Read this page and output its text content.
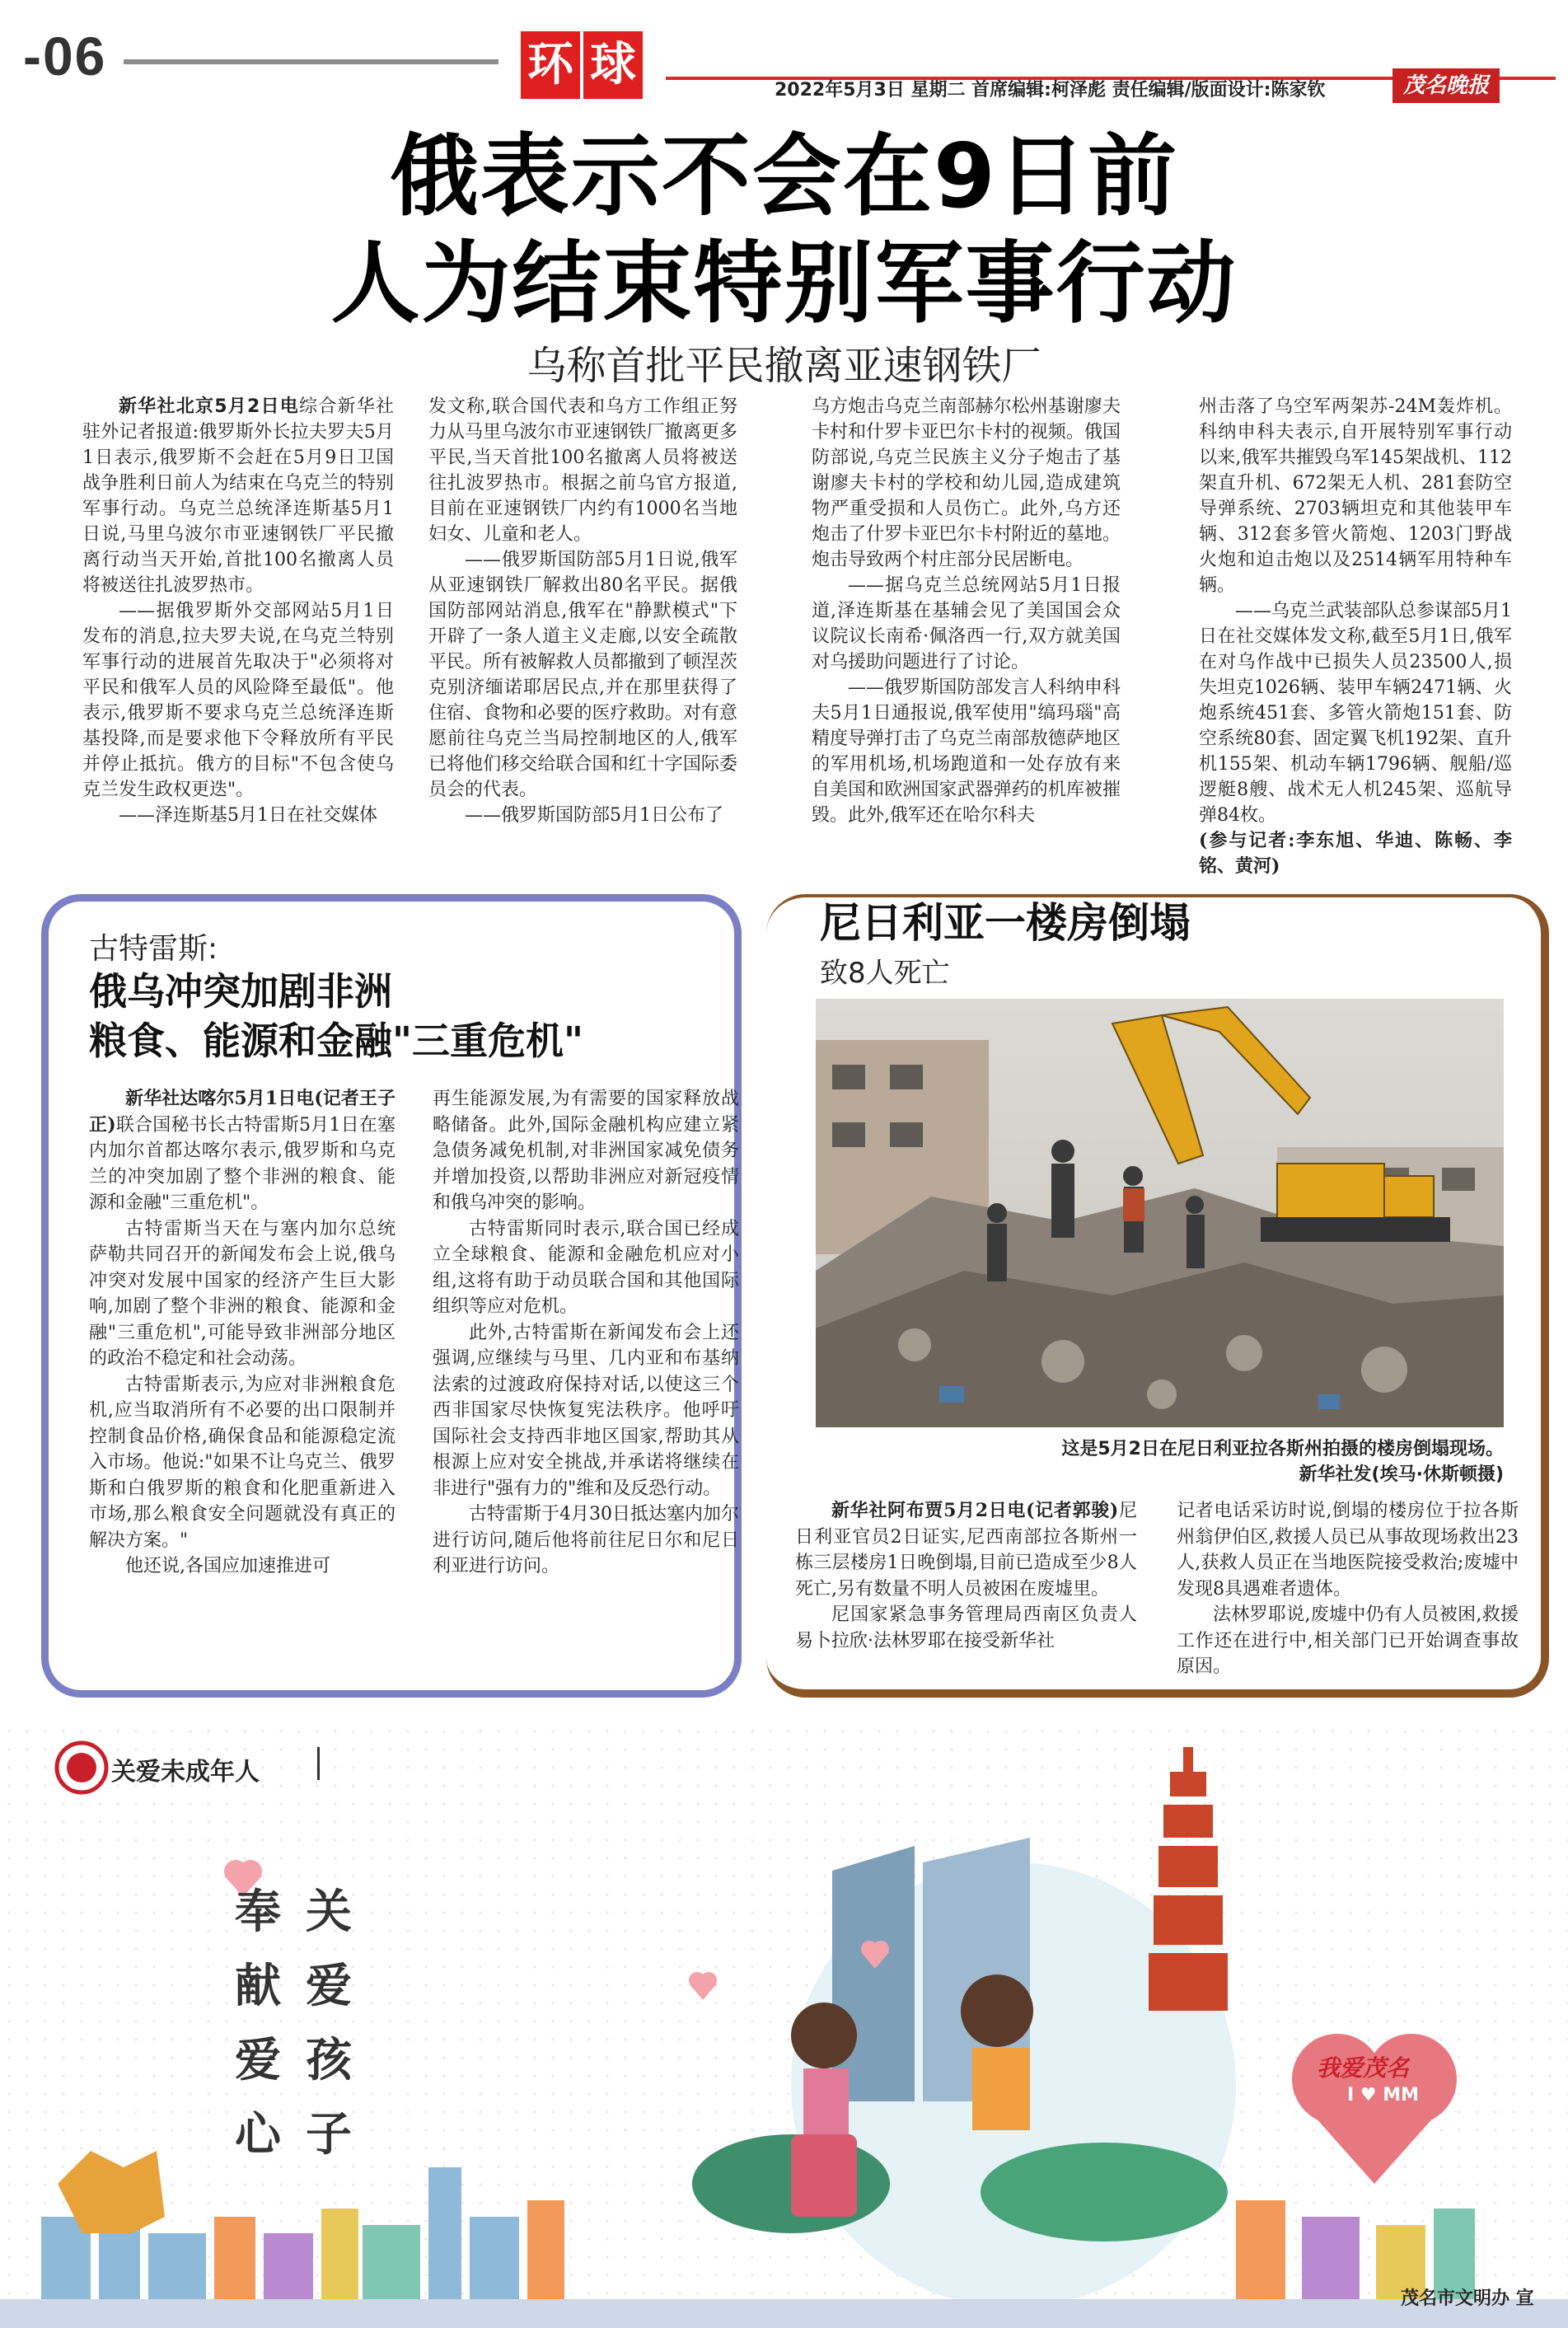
-06	环 球	2022年5月3日 星期二 首席编辑:柯泽彪 责任编辑/版面设计:陈家钦	茂名晚报
俄表示不会在9日前
人为结束特别军事行动
乌称首批平民撤离亚速钢铁厂

新华社北京5月2日电综合新华社驻外记者报道:俄罗斯外长拉夫罗夫5月1日表示,俄罗斯不会赶在5月9日卫国战争胜利日前人为结束在乌克兰的特别军事行动。乌克兰总统泽连斯基5月1日说,马里乌波尔市亚速钢铁厂平民撤离行动当天开始,首批100名撤离人员将被送往扎波罗热市。

——据俄罗斯外交部网站5月1日发布的消息,拉夫罗夫说,在乌克兰特别军事行动的进展首先取决于"必须将对平民和俄军人员的风险降至最低"。他表示,俄罗斯不要求乌克兰总统泽连斯基投降,而是要求他下令释放所有平民并停止抵抗。俄方的目标"不包含使乌克兰发生政权更迭"。

——泽连斯基5月1日在社交媒体

发文称,联合国代表和乌方工作组正努力从马里乌波尔市亚速钢铁厂撤离更多平民,当天首批100名撤离人员将被送往扎波罗热市。根据之前乌官方报道,目前在亚速钢铁厂内约有1000名当地妇女、儿童和老人。

——俄罗斯国防部5月1日说,俄军从亚速钢铁厂解救出80名平民。据俄国防部网站消息,俄军在"静默模式"下开辟了一条人道主义走廊,以安全疏散平民。所有被解救人员都撤到了顿涅茨克别济缅诺耶居民点,并在那里获得了住宿、食物和必要的医疗救助。对有意愿前往乌克兰当局控制地区的人,俄军已将他们移交给联合国和红十字国际委员会的代表。

——俄罗斯国防部5月1日公布了

乌方炮击乌克兰南部赫尔松州基谢廖夫卡村和什罗卡亚巴尔卡村的视频。俄国防部说,乌克兰民族主义分子炮击了基谢廖夫卡村的学校和幼儿园,造成建筑物严重受损和人员伤亡。此外,乌方还炮击了什罗卡亚巴尔卡村附近的墓地。炮击导致两个村庄部分民居断电。

——据乌克兰总统网站5月1日报道,泽连斯基在基辅会见了美国国会众议院议长南希·佩洛西一行,双方就美国对乌援助问题进行了讨论。

——俄罗斯国防部发言人科纳申科夫5月1日通报说,俄军使用"缟玛瑙"高精度导弹打击了乌克兰南部敖德萨地区的军用机场,机场跑道和一处存放有来自美国和欧洲国家武器弹药的机库被摧毁。此外,俄军还在哈尔科夫

州击落了乌空军两架苏-24M轰炸机。科纳申科夫表示,自开展特别军事行动以来,俄军共摧毁乌军145架战机、112架直升机、672架无人机、281套防空导弹系统、2703辆坦克和其他装甲车辆、312套多管火箭炮、1203门野战火炮和迫击炮以及2514辆军用特种车辆。

——乌克兰武装部队总参谋部5月1日在社交媒体发文称,截至5月1日,俄军在对乌作战中已损失人员23500人,损失坦克1026辆、装甲车辆2471辆、火炮系统451套、多管火箭炮151套、防空系统80套、固定翼飞机192架、直升机155架、机动车辆1796辆、舰船/巡逻艇8艘、战术无人机245架、巡航导弹84枚。

(参与记者:李东旭、华迪、陈畅、李铭、黄河)

古特雷斯:
俄乌冲突加剧非洲
粮食、能源和金融"三重危机"

新华社达喀尔5月1日电(记者王子正)联合国秘书长古特雷斯5月1日在塞内加尔首都达喀尔表示,俄罗斯和乌克兰的冲突加剧了整个非洲的粮食、能源和金融"三重危机"。

古特雷斯当天在与塞内加尔总统萨勒共同召开的新闻发布会上说,俄乌冲突对发展中国家的经济产生巨大影响,加剧了整个非洲的粮食、能源和金融"三重危机",可能导致非洲部分地区的政治不稳定和社会动荡。

古特雷斯表示,为应对非洲粮食危机,应当取消所有不必要的出口限制并控制食品价格,确保食品和能源稳定流入市场。他说:"如果不让乌克兰、俄罗斯和白俄罗斯的粮食和化肥重新进入市场,那么粮食安全问题就没有真正的解决方案。"

他还说,各国应加速推进可

再生能源发展,为有需要的国家释放战略储备。此外,国际金融机构应建立紧急债务减免机制,对非洲国家减免债务并增加投资,以帮助非洲应对新冠疫情和俄乌冲突的影响。

古特雷斯同时表示,联合国已经成立全球粮食、能源和金融危机应对小组,这将有助于动员联合国和其他国际组织等应对危机。

此外,古特雷斯在新闻发布会上还强调,应继续与马里、几内亚和布基纳法索的过渡政府保持对话,以使这三个西非国家尽快恢复宪法秩序。他呼吁国际社会支持西非地区国家,帮助其从根源上应对安全挑战,并承诺将继续在非进行"强有力的"维和及反恐行动。

古特雷斯于4月30日抵达塞内加尔进行访问,随后他将前往尼日尔和尼日利亚进行访问。

尼日利亚一楼房倒塌
致8人死亡
这是5月2日在尼日利亚拉各斯州拍摄的楼房倒塌现场。
新华社发(埃马·休斯顿摄)

新华社阿布贾5月2日电(记者郭骏)尼日利亚官员2日证实,尼西南部拉各斯州一栋三层楼房1日晚倒塌,目前已造成至少8人死亡,另有数量不明人员被困在废墟里。

尼国家紧急事务管理局西南区负责人易卜拉欣·法林罗耶在接受新华社

记者电话采访时说,倒塌的楼房位于拉各斯州翁伊伯区,救援人员已从事故现场救出23人,获救人员正在当地医院接受救治;废墟中发现8具遇难者遗体。

法林罗耶说,废墟中仍有人员被困,救援工作还在进行中,相关部门已开始调查事故原因。

关爱未成年人
奉
献
爱
心
关
爱
孩
子
我爱茂名
I ♥ MM
茂名市文明办 宣
